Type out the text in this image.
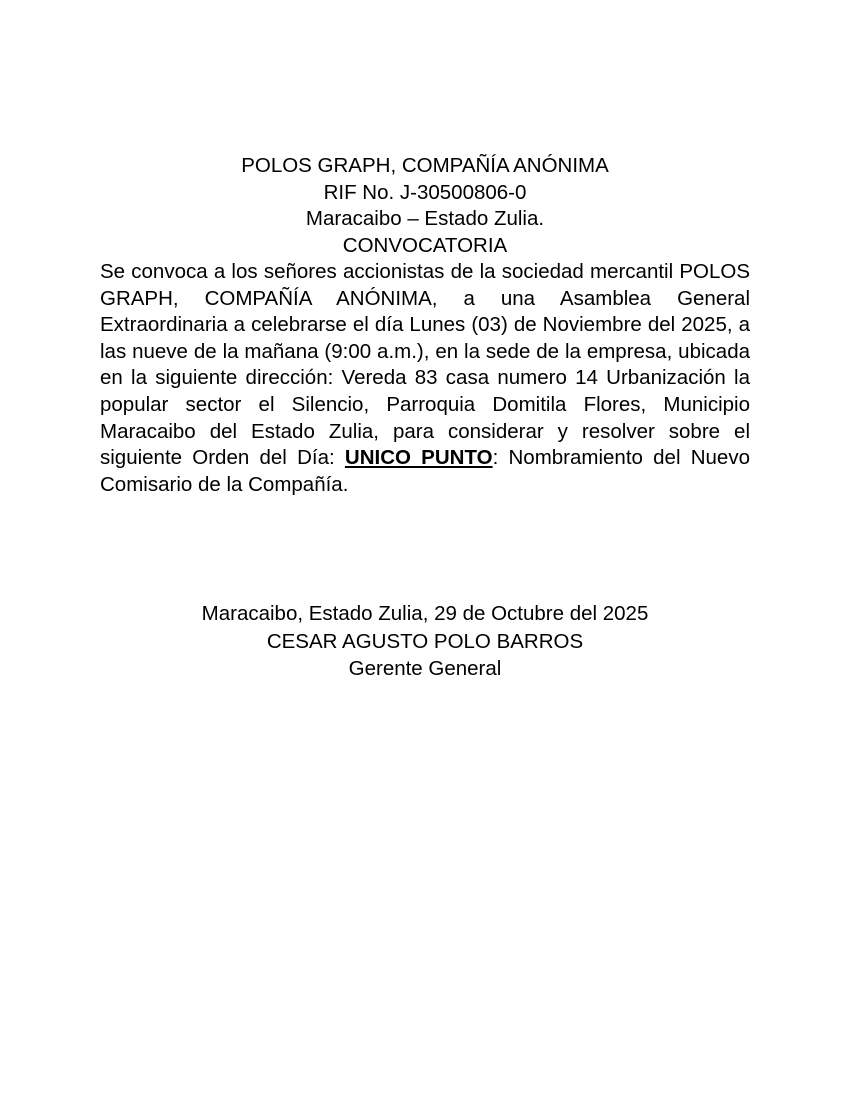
POLOS GRAPH, COMPAÑÍA ANÓNIMA
RIF No. J-30500806-0
Maracaibo – Estado Zulia.
CONVOCATORIA
Se convoca a los señores accionistas de la sociedad mercantil POLOS GRAPH, COMPAÑÍA ANÓNIMA, a una Asamblea General Extraordinaria a celebrarse el día Lunes (03) de Noviembre del 2025, a las nueve de la mañana (9:00 a.m.), en la sede de la empresa, ubicada en la siguiente dirección: Vereda 83 casa numero 14 Urbanización la popular sector el Silencio, Parroquia Domitila Flores, Municipio Maracaibo del Estado Zulia, para considerar y resolver sobre el siguiente Orden del Día: UNICO PUNTO: Nombramiento del Nuevo Comisario de la Compañía.
Maracaibo, Estado Zulia, 29 de Octubre del 2025
CESAR AGUSTO POLO BARROS
Gerente General
